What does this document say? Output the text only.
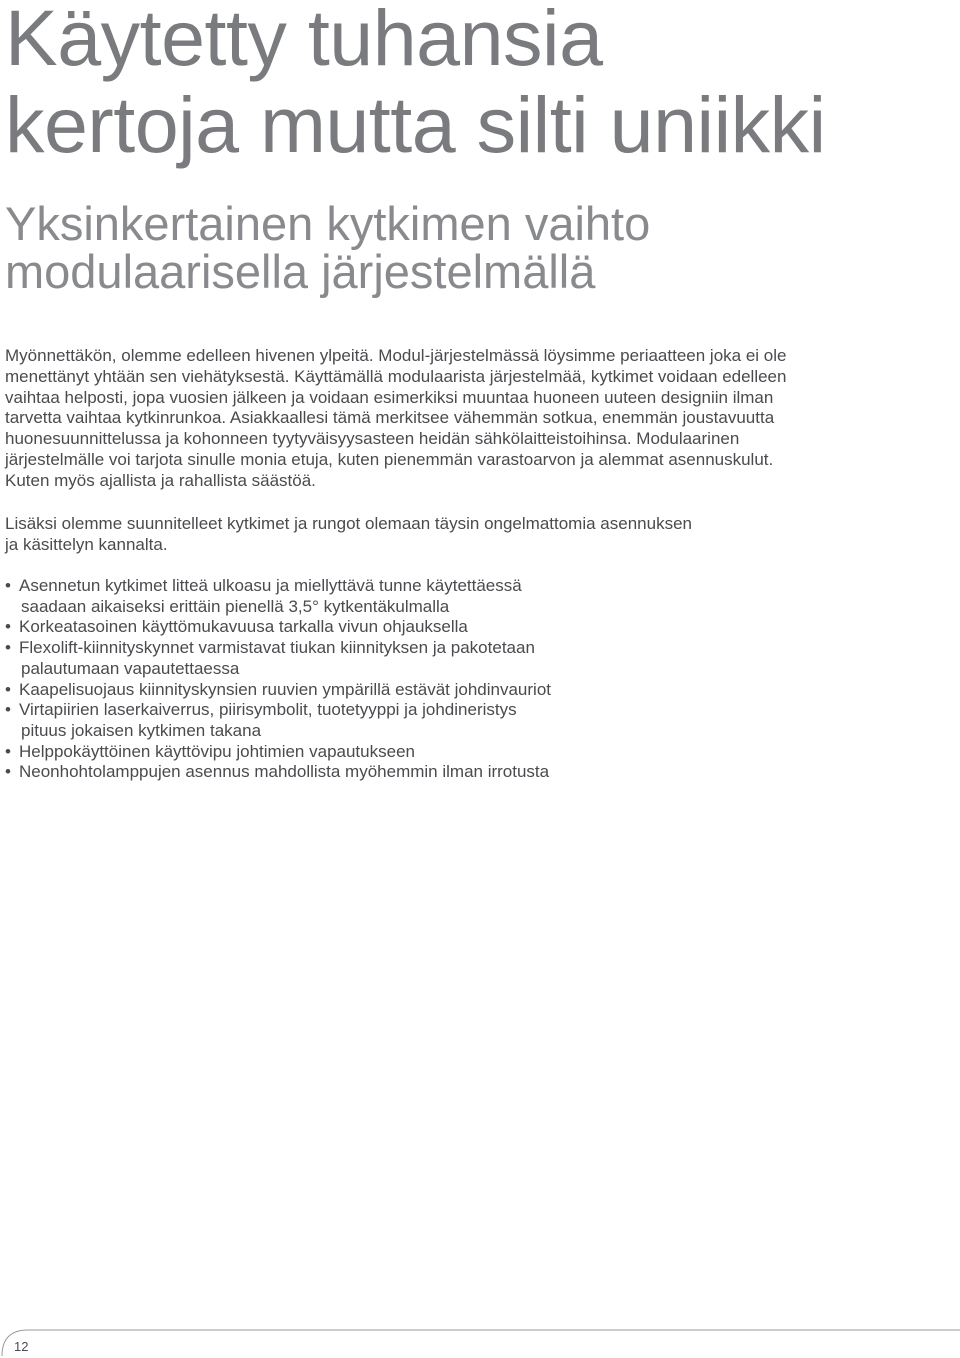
Käytetty tuhansia
kertoja mutta silti uniikki
Yksinkertainen kytkimen vaihto
modulaarisella järjestelmällä
Myönnettäkön, olemme edelleen hivenen ylpeitä. Modul-järjestelmässä löysimme periaatteen joka ei ole
menettänyt yhtään sen viehätyksestä. Käyttämällä modulaarista järjestelmää, kytkimet voidaan edelleen
vaihtaa helposti, jopa vuosien jälkeen ja voidaan esimerkiksi muuntaa huoneen uuteen designiin ilman
tarvetta vaihtaa kytkinrunkoa. Asiakkaallesi tämä merkitsee vähemmän sotkua, enemmän joustavuutta
huonesuunnittelussa ja kohonneen tyytyväisyysasteen heidän sähkölaitteistoihinsa. Modulaarinen
järjestelmälle voi tarjota sinulle monia etuja, kuten pienemmän varastoarvon ja alemmat asennuskulut.
Kuten myös ajallista ja rahallista säästöä.
Lisäksi olemme suunnitelleet kytkimet ja rungot olemaan täysin ongelmattomia asennuksen
ja käsittelyn kannalta.
• Asennetun kytkimet litteä ulkoasu ja miellyttävä tunne käytettäessä
saadaan aikaiseksi erittäin pienellä 3,5° kytkentäkulmalla
• Korkeatasoinen käyttömukavuusa tarkalla vivun ohjauksella
• Flexolift-kiinnityskynnet varmistavat tiukan kiinnityksen ja pakotetaan
palautumaan vapautettaessa
• Kaapelisuojaus kiinnityskynsien ruuvien ympärillä estävät johdinvauriot
• Virtapiirien laserkaiverrus, piirisymbolit, tuotetyyppi ja johdineristys
pituus jokaisen kytkimen takana
• Helppokäyttöinen käyttövipu johtimien vapautukseen
• Neonhohtolamppujen asennus mahdollista myöhemmin ilman irrotusta
12
